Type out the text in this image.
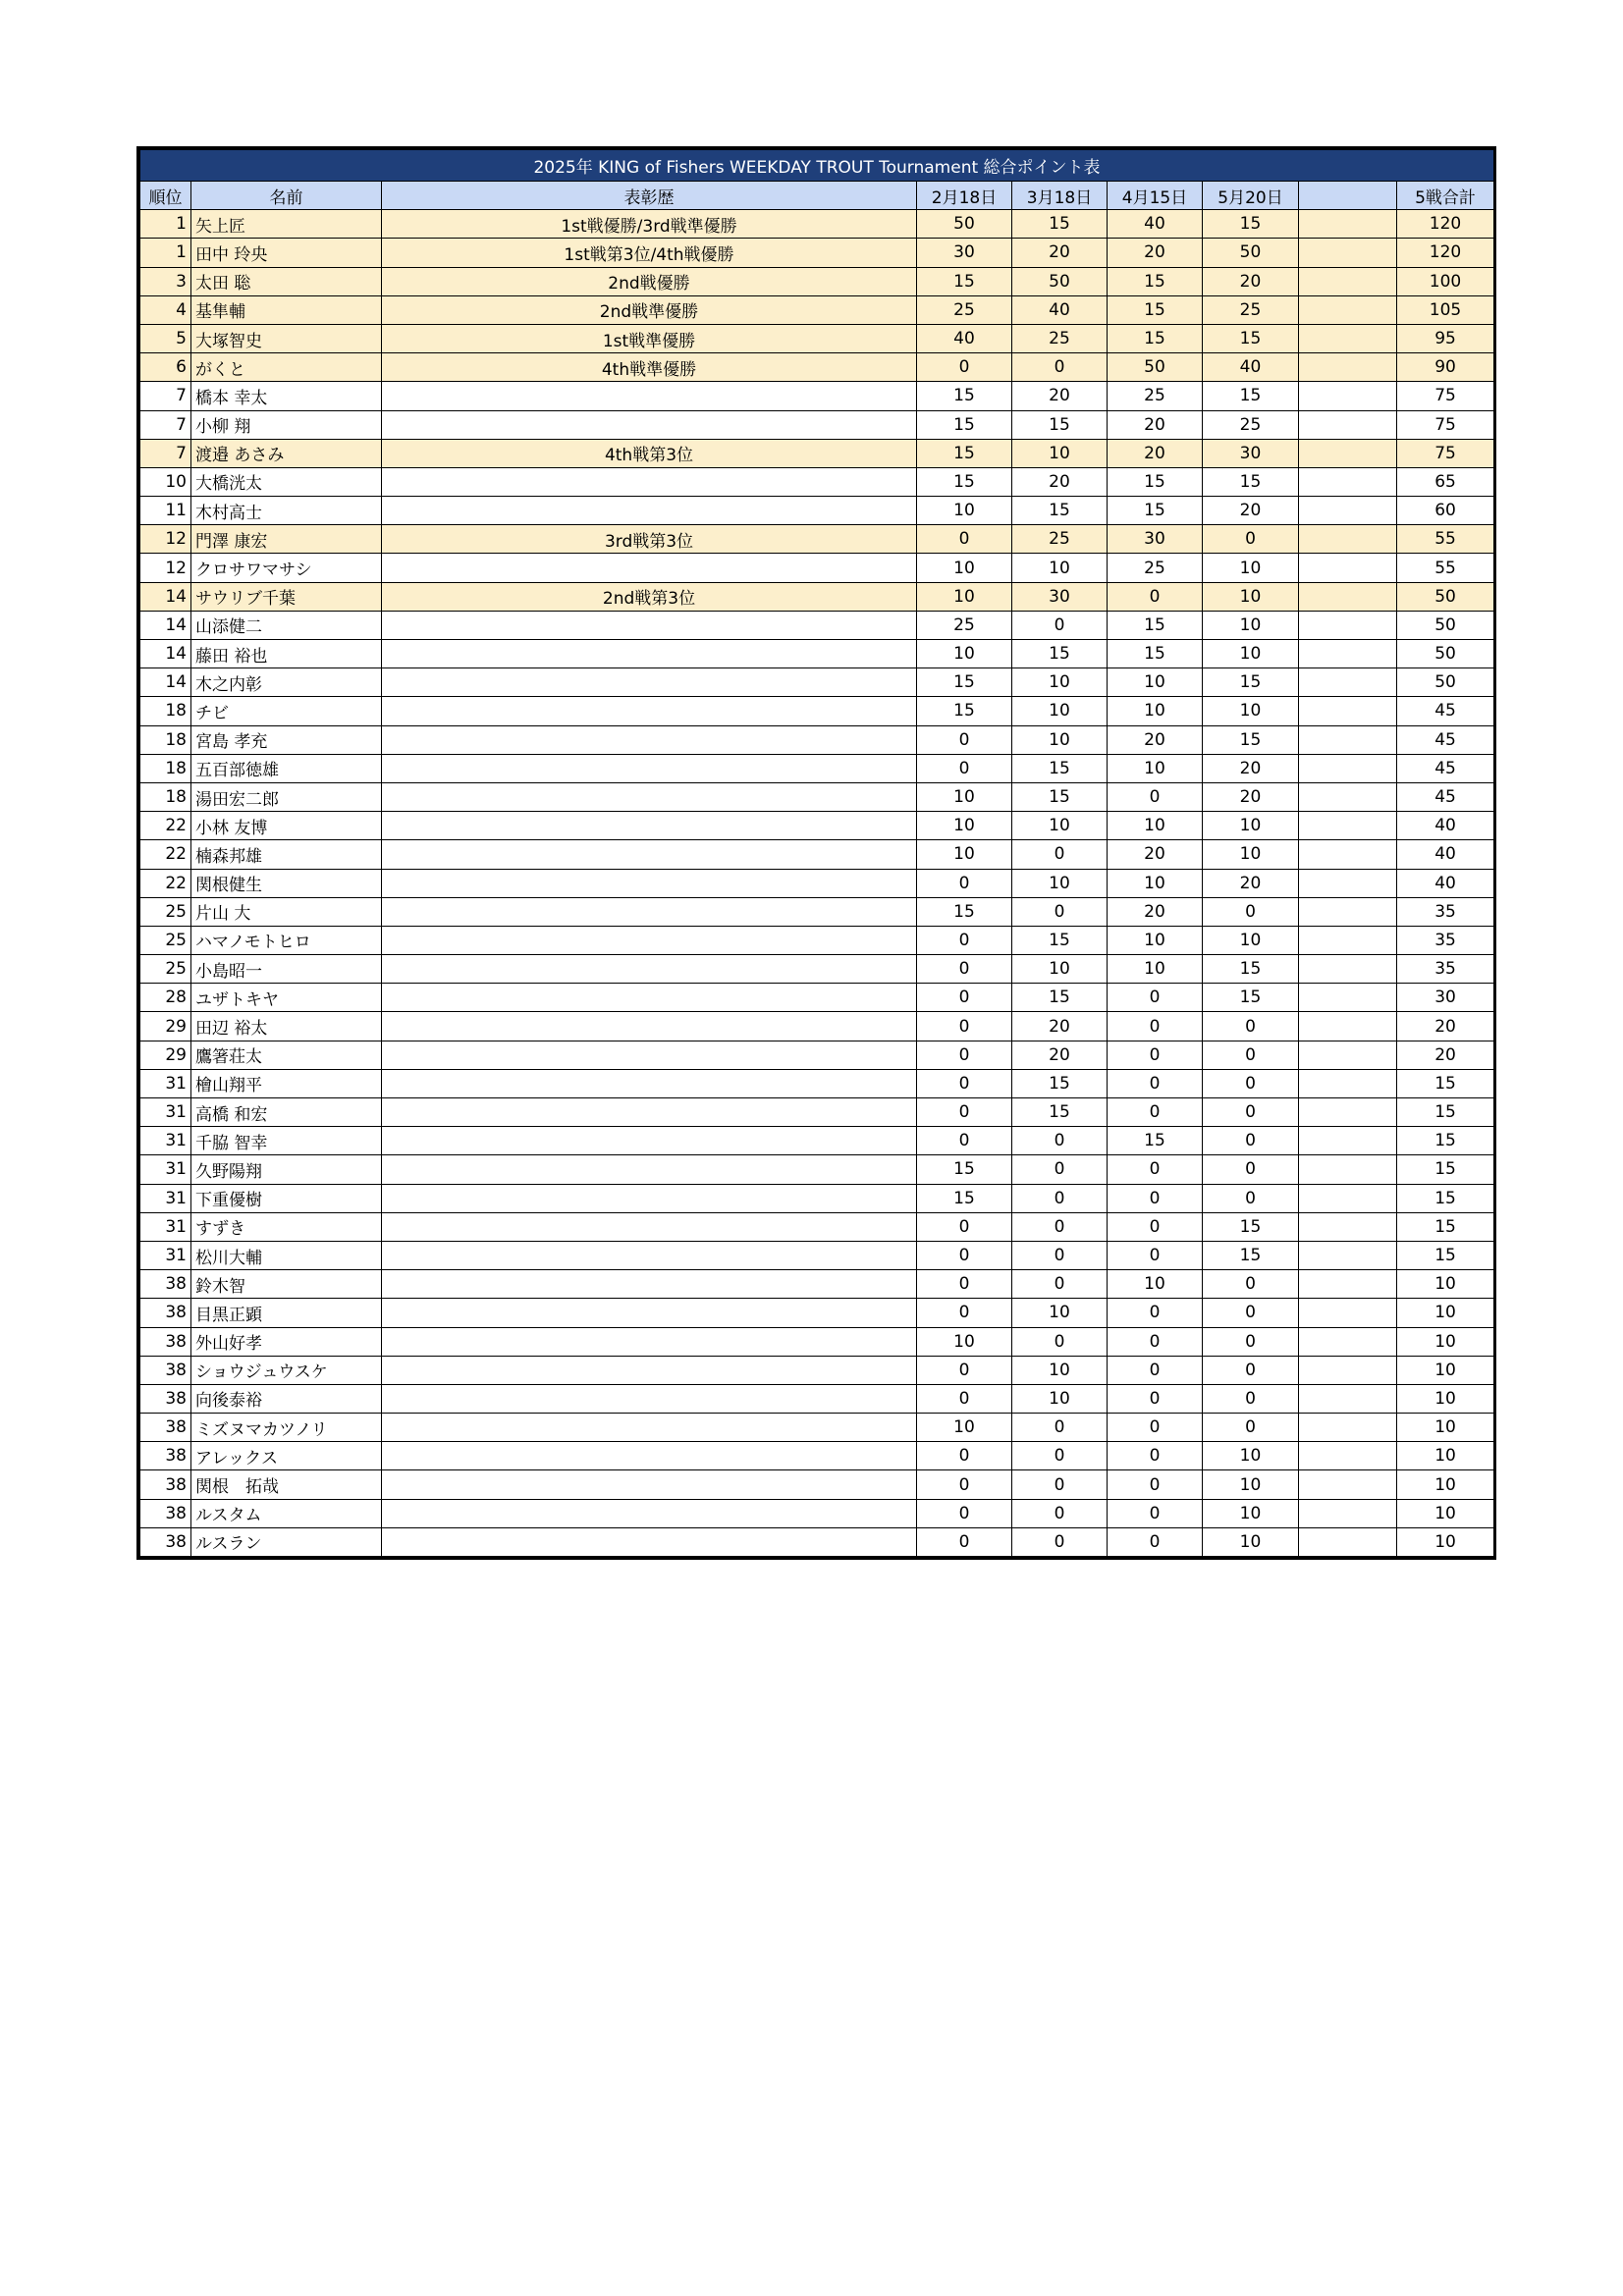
2025年 KING of Fishers WEEKDAY TROUT Tournament 総合ポイント表								
順位	名前	表彰歴	2月18日	3月18日	4月15日	5月20日		5戦合計
1	矢上匠	1st戦優勝/3rd戦準優勝	50	15	40	15		120
1	田中 玲央	1st戦第3位/4th戦優勝	30	20	20	50		120
3	太田 聡	2nd戦優勝	15	50	15	20		100
4	基隼輔	2nd戦準優勝	25	40	15	25		105
5	大塚智史	1st戦準優勝	40	25	15	15		95
6	がくと	4th戦準優勝	0	0	50	40		90
7	橋本 幸太		15	20	25	15		75
7	小柳 翔		15	15	20	25		75
7	渡邉 あさみ	4th戦第3位	15	10	20	30		75
10	大橋洸太		15	20	15	15		65
11	木村高士		10	15	15	20		60
12	門澤 康宏	3rd戦第3位	0	25	30	0		55
12	クロサワマサシ		10	10	25	10		55
14	サウリブ千葉	2nd戦第3位	10	30	0	10		50
14	山添健二		25	0	15	10		50
14	藤田 裕也		10	15	15	10		50
14	木之内彰		15	10	10	15		50
18	チビ		15	10	10	10		45
18	宮島 孝充		0	10	20	15		45
18	五百部徳雄		0	15	10	20		45
18	湯田宏二郎		10	15	0	20		45
22	小林 友博		10	10	10	10		40
22	楠森邦雄		10	0	20	10		40
22	関根健生		0	10	10	20		40
25	片山 大		15	0	20	0		35
25	ハマノモトヒロ		0	15	10	10		35
25	小島昭一		0	10	10	15		35
28	ユザトキヤ		0	15	0	15		30
29	田辺 裕太		0	20	0	0		20
29	鷹箸荘太		0	20	0	0		20
31	檜山翔平		0	15	0	0		15
31	高橋 和宏		0	15	0	0		15
31	千脇 智幸		0	0	15	0		15
31	久野陽翔		15	0	0	0		15
31	下重優樹		15	0	0	0		15
31	すずき		0	0	0	15		15
31	松川大輔		0	0	0	15		15
38	鈴木智		0	0	10	0		10
38	目黒正顕		0	10	0	0		10
38	外山好孝		10	0	0	0		10
38	ショウジュウスケ		0	10	0	0		10
38	向後泰裕		0	10	0	0		10
38	ミズヌマカツノリ		10	0	0	0		10
38	アレックス		0	0	0	10		10
38	関根　拓哉		0	0	0	10		10
38	ルスタム		0	0	0	10		10
38	ルスラン		0	0	0	10		10
